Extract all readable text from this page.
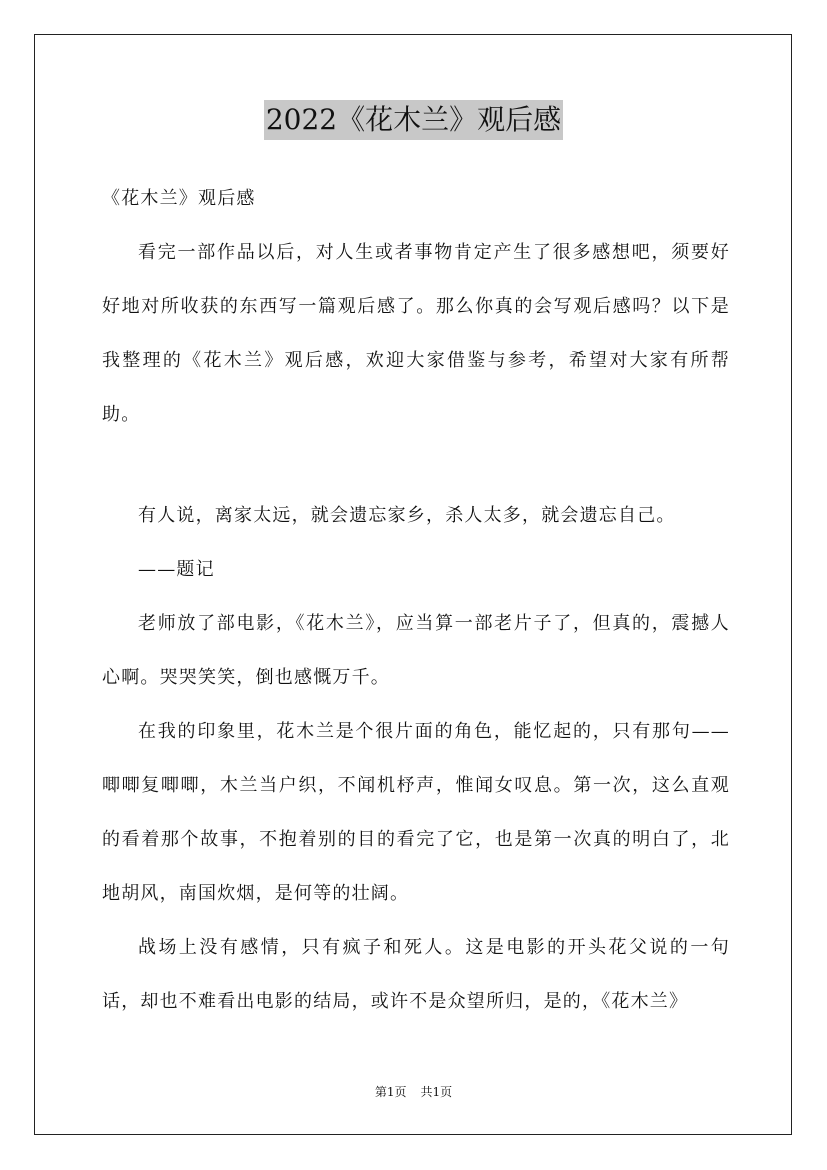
2022《花木兰》观后感

《花木兰》观后感

看完一部作品以后，对人生或者事物肯定产生了很多感想吧，须要好好地对所收获的东西写一篇观后感了。那么你真的会写观后感吗？以下是我整理的《花木兰》观后感，欢迎大家借鉴与参考，希望对大家有所帮助。

有人说，离家太远，就会遗忘家乡，杀人太多，就会遗忘自己。

——题记

老师放了部电影，《花木兰》，应当算一部老片子了，但真的，震撼人心啊。哭哭笑笑，倒也感慨万千。

在我的印象里，花木兰是个很片面的角色，能忆起的，只有那句——唧唧复唧唧，木兰当户织，不闻机杼声，惟闻女叹息。第一次，这么直观的看着那个故事，不抱着别的目的看完了它，也是第一次真的明白了，北地胡风，南国炊烟，是何等的壮阔。

战场上没有感情，只有疯子和死人。这是电影的开头花父说的一句话，却也不难看出电影的结局，或许不是众望所归，是的，《花木兰》

第1页 共1页
